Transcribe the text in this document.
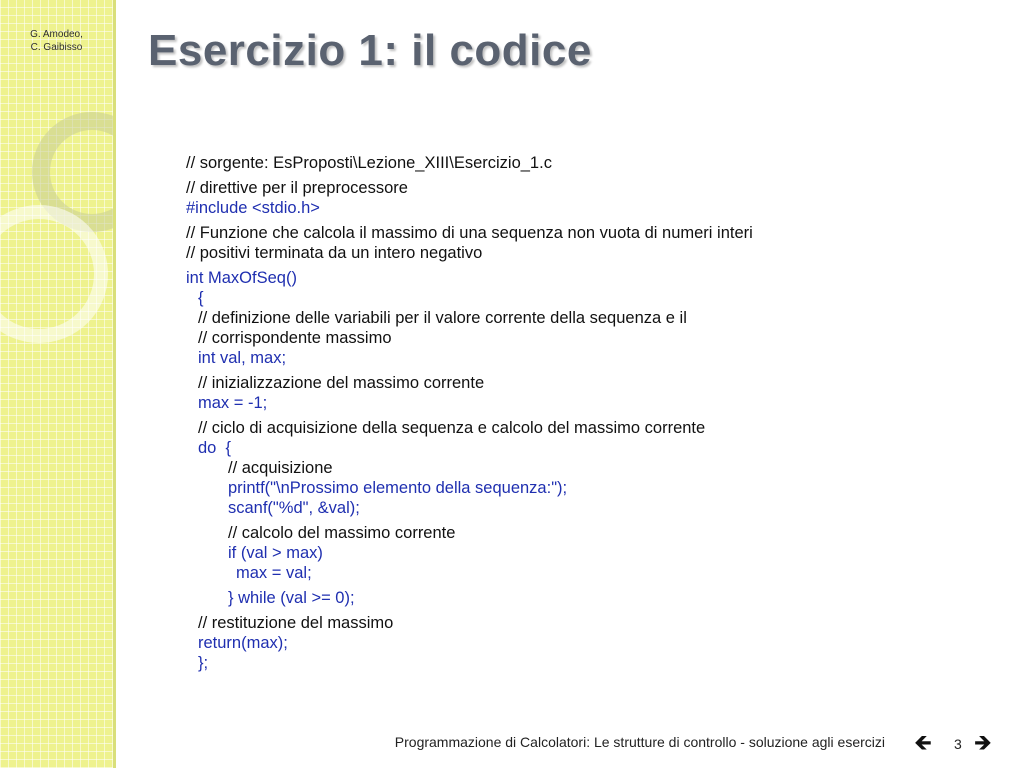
G. Amodeo,
C. Gaibisso	Esercizio 1: il codice
// sorgente: EsProposti\Lezione_XIII\Esercizio_1.c
// direttive per il preprocessore
#include <stdio.h>
// Funzione che calcola il massimo di una sequenza non vuota di numeri interi
// positivi terminata da un intero negativo
int MaxOfSeq()
{
// definizione delle variabili per il valore corrente della sequenza e il
// corrispondente massimo
int val, max;
// inizializzazione del massimo corrente
max = -1;
// ciclo di acquisizione della sequenza e calcolo del massimo corrente
do  {
// acquisizione
printf("\nProssimo elemento della sequenza:");
scanf("%d", &val);
// calcolo del massimo corrente
if (val > max)
max = val;
} while (val >= 0);
// restituzione del massimo
return(max);
};
Programmazione di Calcolatori: Le strutture di controllo - soluzione agli esercizi 🡸 3 🡺
